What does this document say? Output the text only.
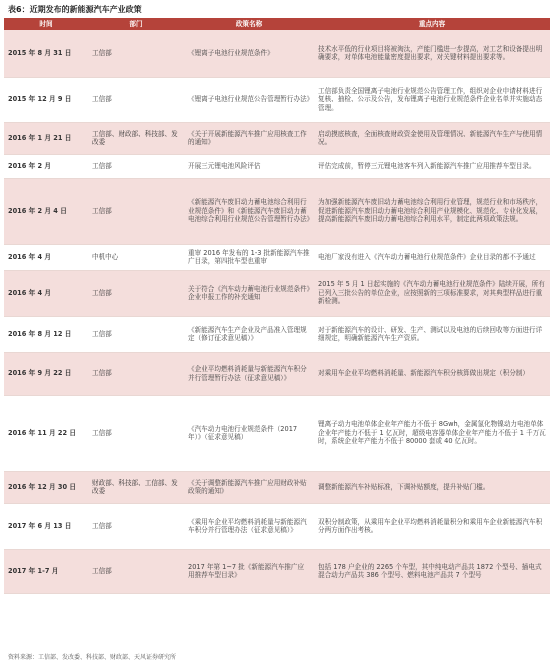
表6：近期发布的新能源汽车产业政策
时间	部门	政策名称	重点内容
2015 年 8 月 31 日	工信部	《锂离子电池行业规范条件》	技术水平低的行业项目将被淘汰，产能门槛进一步提高，对工艺和设备提出明确要求，对单体电池能量密度提出要求，对关键材料提出要求等。
2015 年 12 月 9 日	工信部	《锂离子电池行业规范公告管理暂行办法》	工信部负责全国锂离子电池行业规范公告管理工作，组织对企业申请材料进行复核、抽检、公示及公告，发布锂离子电池行业规范条件企业名单并实施动态管理。
2016 年 1 月 21 日	工信部、财政部、科技部、发改委	《关于开展新能源汽车推广应用核查工作的通知》	启动摸底核查，全面核查财政资金使用及管理情况、新能源汽车生产与使用情况。
2016 年 2 月	工信部	开展三元锂电池风险评估	评估完成前，暂停三元锂电池客车列入新能源汽车推广应用推荐车型目录。
2016 年 2 月 4 日	工信部	《新能源汽车废旧动力蓄电池综合利用行业规范条件》和《新能源汽车废旧动力蓄电池综合利用行业规范公告管理暂行办法》	为加强新能源汽车废旧动力蓄电池综合利用行业管理，规范行业和市场秩序，促进新能源汽车废旧动力蓄电池综合利用产业规模化、规范化、专业化发展，提高新能源汽车废旧动力蓄电池综合利用水平，制定此两项政策法规。
2016 年 4 月	中机中心	重审 2016 年发布的 1-3 批新能源汽车推广目录，第四批车型也重审	电池厂家没有进入《汽车动力蓄电池行业规范条件》企业目录的都不予通过
2016 年 4 月	工信部	关于符合《汽车动力蓄电池行业规范条件》企业申报工作的补充通知	2015 年 5 月 1 日起实施的《汽车动力蓄电池行业规范条件》陆续开展，所有已列入三批公告的单位企业，应按照新的三项标准要求，对其典型样品进行重新检测。
2016 年 8 月 12 日	工信部	《新能源汽车生产企业及产品准入管理规定（修订征求意见稿）》	对于新能源汽车的设计、研发、生产、测试以及电池的后续回收等方面进行详细规定，明确新能源汽车生产资质。
2016 年 9 月 22 日	工信部	《企业平均燃料消耗量与新能源汽车积分并行管理暂行办法（征求意见稿）》	对乘用车企业平均燃料消耗量、新能源汽车积分核算做出规定（积分制）
2016 年 11 月 22 日	工信部	《汽车动力电池行业规范条件（2017 年）》（征求意见稿）	锂离子动力电池单体企业年产能力不低于 8Gwh，金属氢化物镍动力电池单体企业年产能力不低于 1 亿瓦时，超级电容器单体企业年产能力不低于 1 千万瓦时，系统企业年产能力不低于 80000 套或 40 亿瓦时。
2016 年 12 月 30 日	财政部、科技部、工信部、发改委	《关于调整新能源汽车推广应用财政补贴政策的通知》	调整新能源汽车补贴标准，下调补贴额度，提升补贴门槛。
2017 年 6 月 13 日	工信部	《乘用车企业平均燃料消耗量与新能源汽车积分并行管理办法（征求意见稿）》	双积分制政策，从乘用车企业平均燃料消耗量积分和乘用车企业新能源汽车积分两方面作出考核。
2017 年 1-7 月	工信部	2017 年第 1~7 批《新能源汽车推广应用推荐车型目录》	包括 178 户企业的 2265 个车型，其中纯电动产品共 1872 个型号、插电式混合动力产品共 386 个型号、燃料电池产品共 7 个型号
资料来源：工信部、发改委、科技部、财政部、天风证券研究所
